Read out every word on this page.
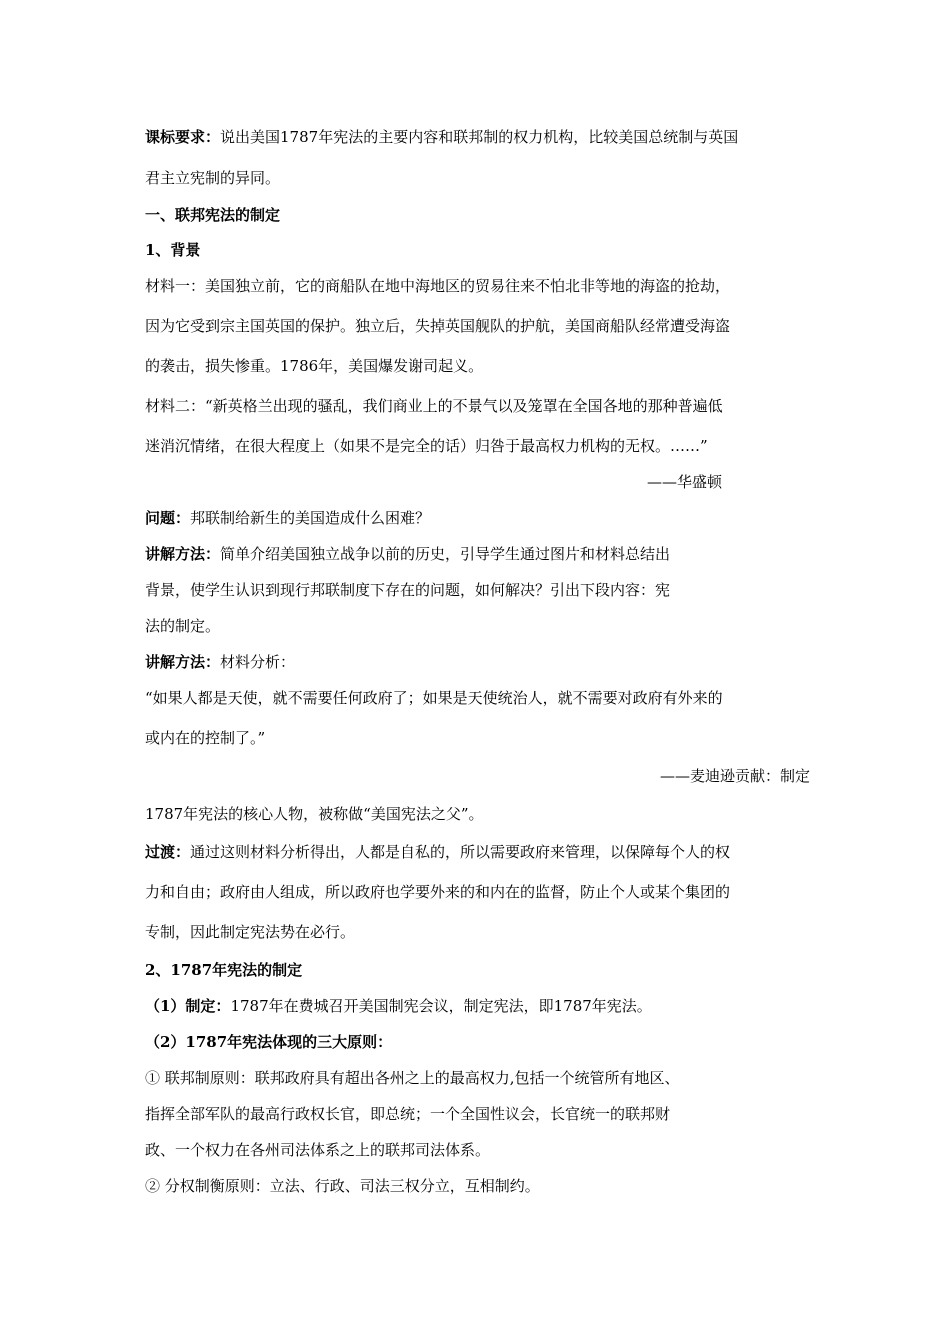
课标要求：说出美国1787年宪法的主要内容和联邦制的权力机构，比较美国总统制与英国
君主立宪制的异同。
一、联邦宪法的制定
1、背景
材料一：美国独立前，它的商船队在地中海地区的贸易往来不怕北非等地的海盗的抢劫，
因为它受到宗主国英国的保护。独立后，失掉英国舰队的护航，美国商船队经常遭受海盗
的袭击，损失惨重。1786年，美国爆发谢司起义。
材料二：“新英格兰出现的骚乱，我们商业上的不景气以及笼罩在全国各地的那种普遍低
迷消沉情绪，在很大程度上（如果不是完全的话）归咎于最高权力机构的无权。……”
——华盛顿
问题：邦联制给新生的美国造成什么困难？
讲解方法：简单介绍美国独立战争以前的历史，引导学生通过图片和材料总结出
背景，使学生认识到现行邦联制度下存在的问题，如何解决？引出下段内容：宪
法的制定。
讲解方法：材料分析：
“如果人都是天使，就不需要任何政府了；如果是天使统治人，就不需要对政府有外来的
或内在的控制了。”
——麦迪逊贡献：制定
1787年宪法的核心人物，被称做“美国宪法之父”。
过渡：通过这则材料分析得出，人都是自私的，所以需要政府来管理，以保障每个人的权
力和自由；政府由人组成，所以政府也学要外来的和内在的监督，防止个人或某个集团的
专制，因此制定宪法势在必行。
2、1787年宪法的制定
（1）制定：1787年在费城召开美国制宪会议，制定宪法，即1787年宪法。
（2）1787年宪法体现的三大原则：
① 联邦制原则：联邦政府具有超出各州之上的最高权力,包括一个统管所有地区、
指挥全部军队的最高行政权长官，即总统；一个全国性议会，长官统一的联邦财
政、一个权力在各州司法体系之上的联邦司法体系。
② 分权制衡原则：立法、行政、司法三权分立，互相制约。
